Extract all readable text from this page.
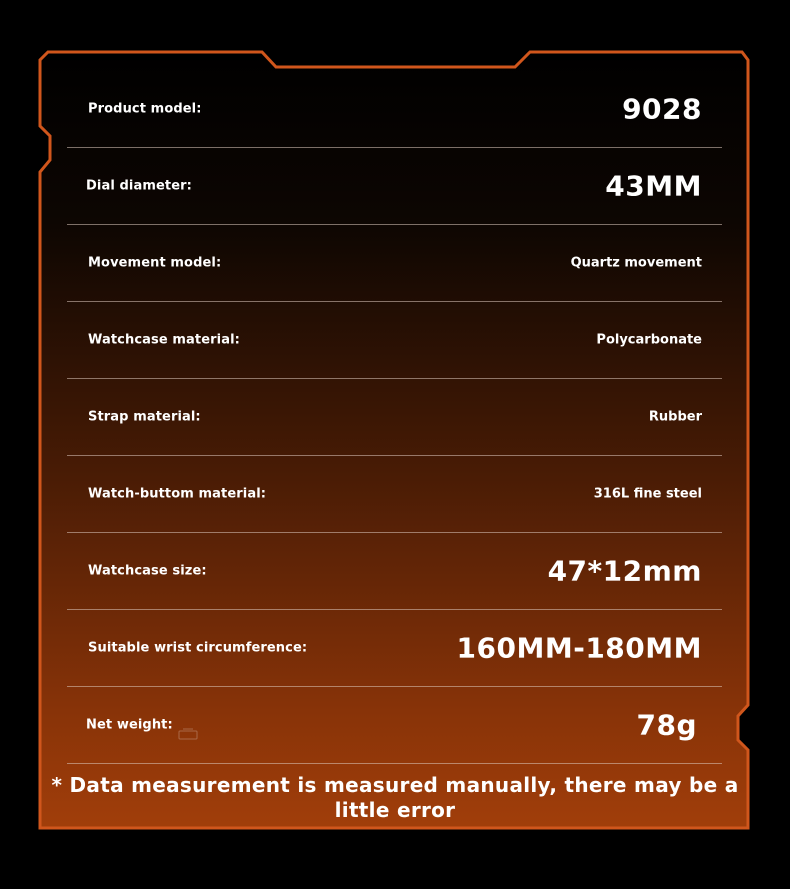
Product model:	9028
Dial diameter:	43MM
Movement model:	Quartz movement
Watchcase material:	Polycarbonate
Strap material:	Rubber
Watch-buttom material:	316L fine steel
Watchcase size:	47*12mm
Suitable wrist circumference:	160MM-180MM
Net weight:	78g
* Data measurement is measured manually, there may be a little error
